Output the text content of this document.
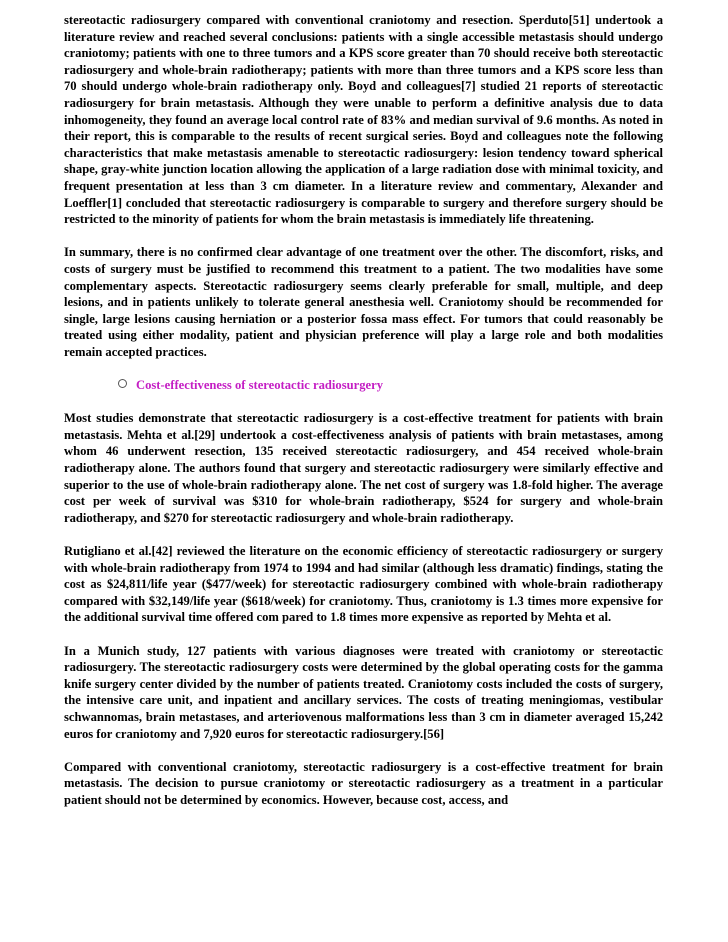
stereotactic radiosurgery compared with conventional craniotomy and resection. Sperduto[51] undertook a literature review and reached several conclusions: patients with a single accessible metastasis should undergo craniotomy; patients with one to three tumors and a KPS score greater than 70 should receive both stereotactic radiosurgery and whole-brain radiotherapy; patients with more than three tumors and a KPS score less than 70 should undergo whole-brain radiotherapy only. Boyd and colleagues[7] studied 21 reports of stereotactic radiosurgery for brain metastasis. Although they were unable to perform a definitive analysis due to data inhomogeneity, they found an average local control rate of 83% and median survival of 9.6 months. As noted in their report, this is comparable to the results of recent surgical series. Boyd and colleagues note the following characteristics that make metastasis amenable to stereotactic radiosurgery: lesion tendency toward spherical shape, gray-white junction location allowing the application of a large radiation dose with minimal toxicity, and frequent presentation at less than 3 cm diameter. In a literature review and commentary, Alexander and Loeffler[1] concluded that stereotactic radiosurgery is comparable to surgery and therefore surgery should be restricted to the minority of patients for whom the brain metastasis is immediately life threatening.

In summary, there is no confirmed clear advantage of one treatment over the other. The discomfort, risks, and costs of surgery must be justified to recommend this treatment to a patient. The two modalities have some complementary aspects. Stereotactic radiosurgery seems clearly preferable for small, multiple, and deep lesions, and in patients unlikely to tolerate general anesthesia well. Craniotomy should be recommended for single, large lesions causing herniation or a posterior fossa mass effect. For tumors that could reasonably be treated using either modality, patient and physician preference will play a large role and both modalities remain accepted practices.

Cost-effectiveness of stereotactic radiosurgery

Most studies demonstrate that stereotactic radiosurgery is a cost-effective treatment for patients with brain metastasis. Mehta et al.[29] undertook a cost-effectiveness analysis of patients with brain metastases, among whom 46 underwent resection, 135 received stereotactic radiosurgery, and 454 received whole-brain radiotherapy alone. The authors found that surgery and stereotactic radiosurgery were similarly effective and superior to the use of whole-brain radiotherapy alone. The net cost of surgery was 1.8-fold higher. The average cost per week of survival was $310 for whole-brain radiotherapy, $524 for surgery and whole-brain radiotherapy, and $270 for stereotactic radiosurgery and whole-brain radiotherapy.

Rutigliano et al.[42] reviewed the literature on the economic efficiency of stereotactic radiosurgery or surgery with whole-brain radiotherapy from 1974 to 1994 and had similar (although less dramatic) findings, stating the cost as $24,811/life year ($477/week) for stereotactic radiosurgery combined with whole-brain radiotherapy compared with $32,149/life year ($618/week) for craniotomy. Thus, craniotomy is 1.3 times more expensive for the additional survival time offered com pared to 1.8 times more expensive as reported by Mehta et al.

In a Munich study, 127 patients with various diagnoses were treated with craniotomy or stereotactic radiosurgery. The stereotactic radiosurgery costs were determined by the global operating costs for the gamma knife surgery center divided by the number of patients treated. Craniotomy costs included the costs of surgery, the intensive care unit, and inpatient and ancillary services. The costs of treating meningiomas, vestibular schwannomas, brain metastases, and arteriovenous malformations less than 3 cm in diameter averaged 15,242 euros for craniotomy and 7,920 euros for stereotactic radiosurgery.[56]

Compared with conventional craniotomy, stereotactic radiosurgery is a cost-effective treatment for brain metastasis. The decision to pursue craniotomy or stereotactic radiosurgery as a treatment in a particular patient should not be determined by economics. However, because cost, access, and
